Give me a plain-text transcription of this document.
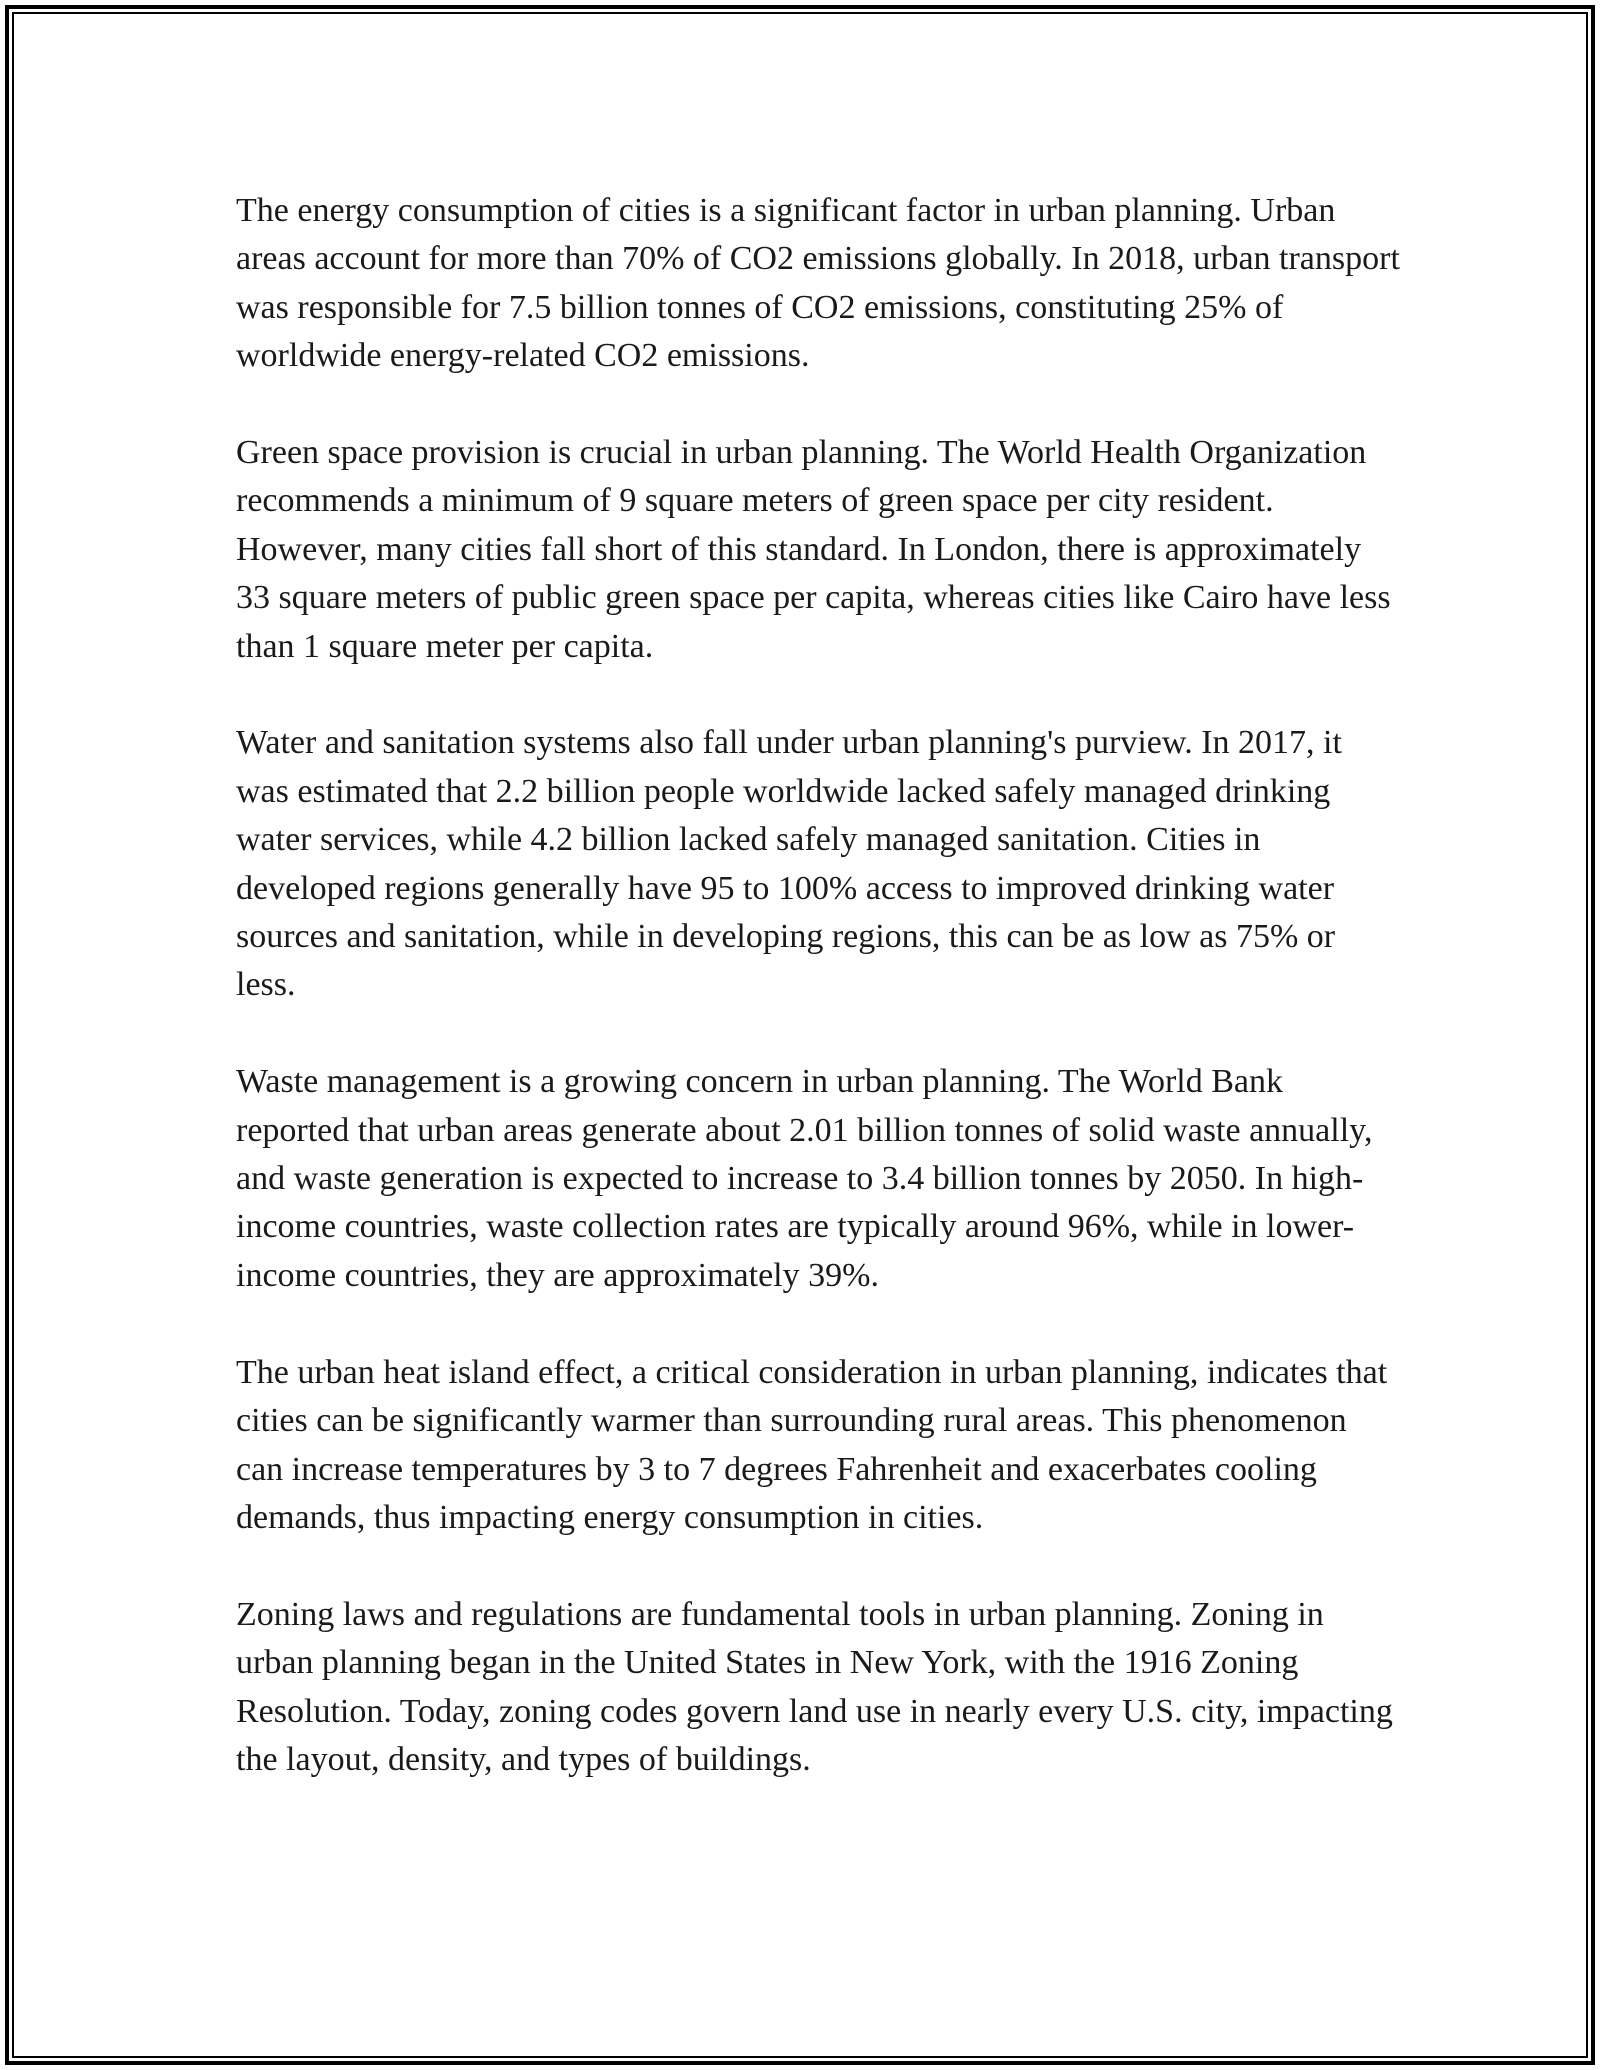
The energy consumption of cities is a significant factor in urban planning. Urban areas account for more than 70% of CO2 emissions globally. In 2018, urban transport was responsible for 7.5 billion tonnes of CO2 emissions, constituting 25% of worldwide energy-related CO2 emissions.

Green space provision is crucial in urban planning. The World Health Organization recommends a minimum of 9 square meters of green space per city resident. However, many cities fall short of this standard. In London, there is approximately 33 square meters of public green space per capita, whereas cities like Cairo have less than 1 square meter per capita.

Water and sanitation systems also fall under urban planning's purview. In 2017, it was estimated that 2.2 billion people worldwide lacked safely managed drinking water services, while 4.2 billion lacked safely managed sanitation. Cities in developed regions generally have 95 to 100% access to improved drinking water sources and sanitation, while in developing regions, this can be as low as 75% or less.

Waste management is a growing concern in urban planning. The World Bank reported that urban areas generate about 2.01 billion tonnes of solid waste annually, and waste generation is expected to increase to 3.4 billion tonnes by 2050. In high-income countries, waste collection rates are typically around 96%, while in lower-income countries, they are approximately 39%.

The urban heat island effect, a critical consideration in urban planning, indicates that cities can be significantly warmer than surrounding rural areas. This phenomenon can increase temperatures by 3 to 7 degrees Fahrenheit and exacerbates cooling demands, thus impacting energy consumption in cities.

Zoning laws and regulations are fundamental tools in urban planning. Zoning in urban planning began in the United States in New York, with the 1916 Zoning Resolution. Today, zoning codes govern land use in nearly every U.S. city, impacting the layout, density, and types of buildings.
